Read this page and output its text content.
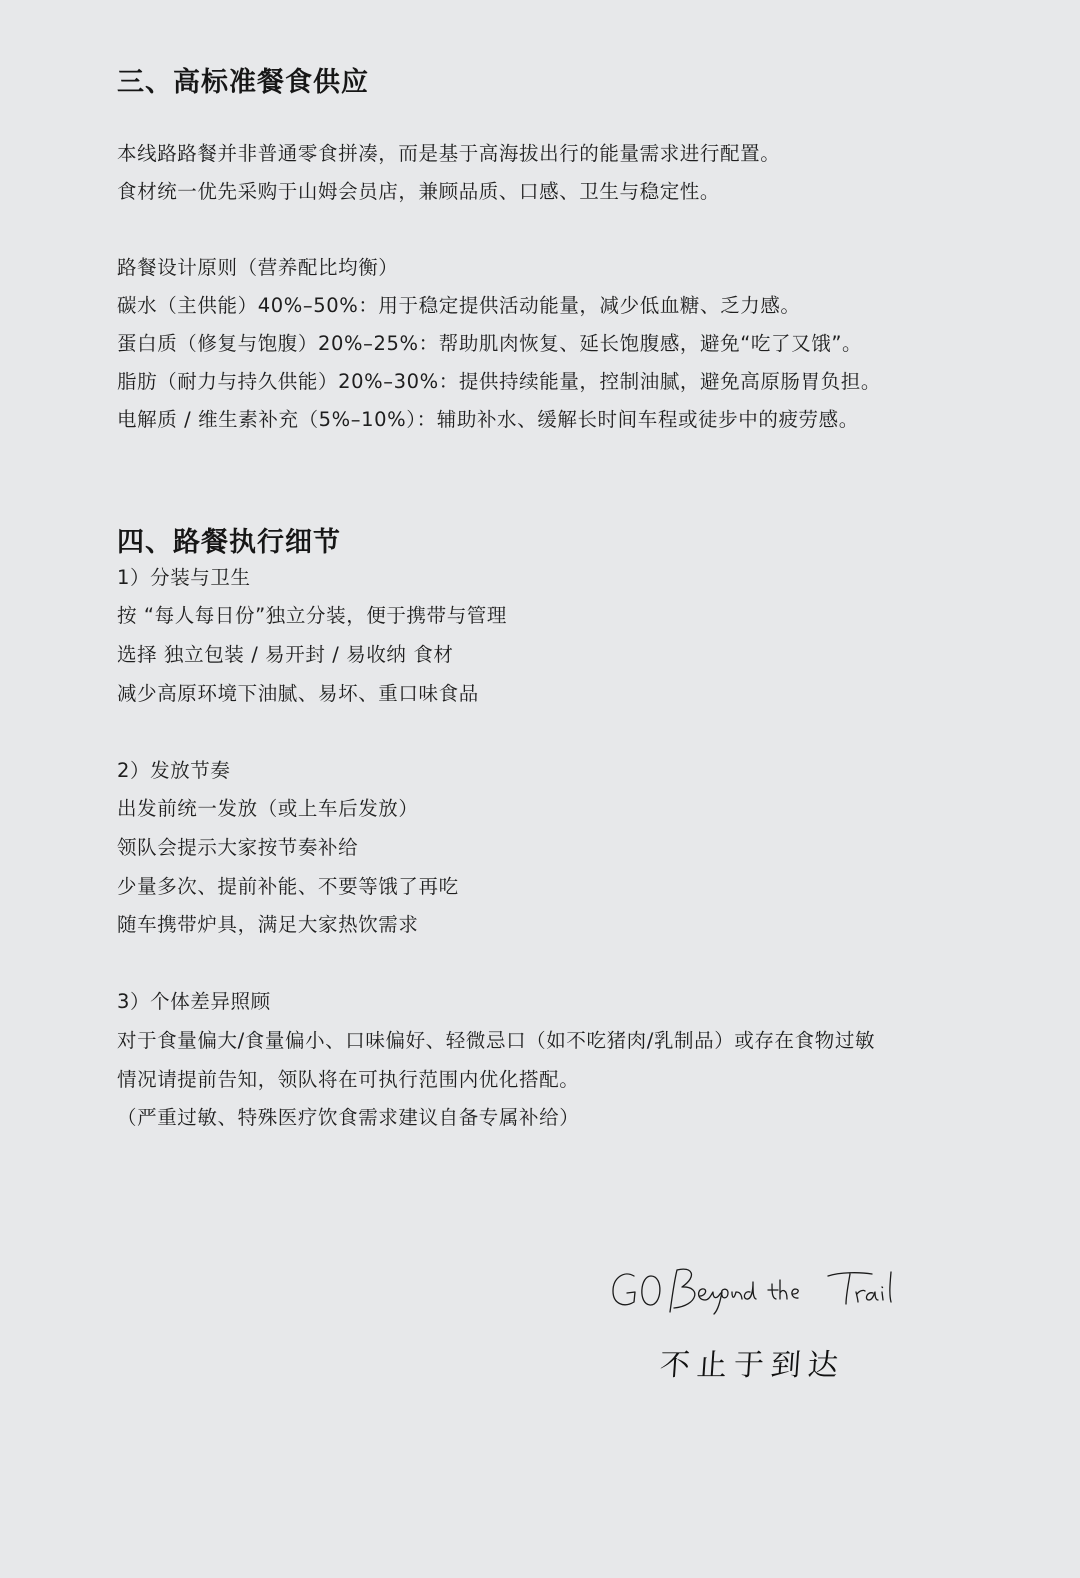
三、高标准餐食供应
本线路路餐并非普通零食拼凑，而是基于高海拔出行的能量需求进行配置。
食材统一优先采购于山姆会员店，兼顾品质、口感、卫生与稳定性。
路餐设计原则（营养配比均衡）
碳水（主供能）40%–50%：用于稳定提供活动能量，减少低血糖、乏力感。
蛋白质（修复与饱腹）20%–25%：帮助肌肉恢复、延长饱腹感，避免“吃了又饿”。
脂肪（耐力与持久供能）20%–30%：提供持续能量，控制油腻，避免高原肠胃负担。
电解质 / 维生素补充（5%–10%）：辅助补水、缓解长时间车程或徒步中的疲劳感。
四、路餐执行细节
1）分装与卫生
按 “每人每日份”独立分装，便于携带与管理
选择 独立包装 / 易开封 / 易收纳 食材
减少高原环境下油腻、易坏、重口味食品
2）发放节奏
出发前统一发放（或上车后发放）
领队会提示大家按节奏补给
少量多次、提前补能、不要等饿了再吃
随车携带炉具，满足大家热饮需求
3）个体差异照顾
对于食量偏大/食量偏小、口味偏好、轻微忌口（如不吃猪肉/乳制品）或存在食物过敏
情况请提前告知，领队将在可执行范围内优化搭配。
（严重过敏、特殊医疗饮食需求建议自备专属补给）
不止于到达
